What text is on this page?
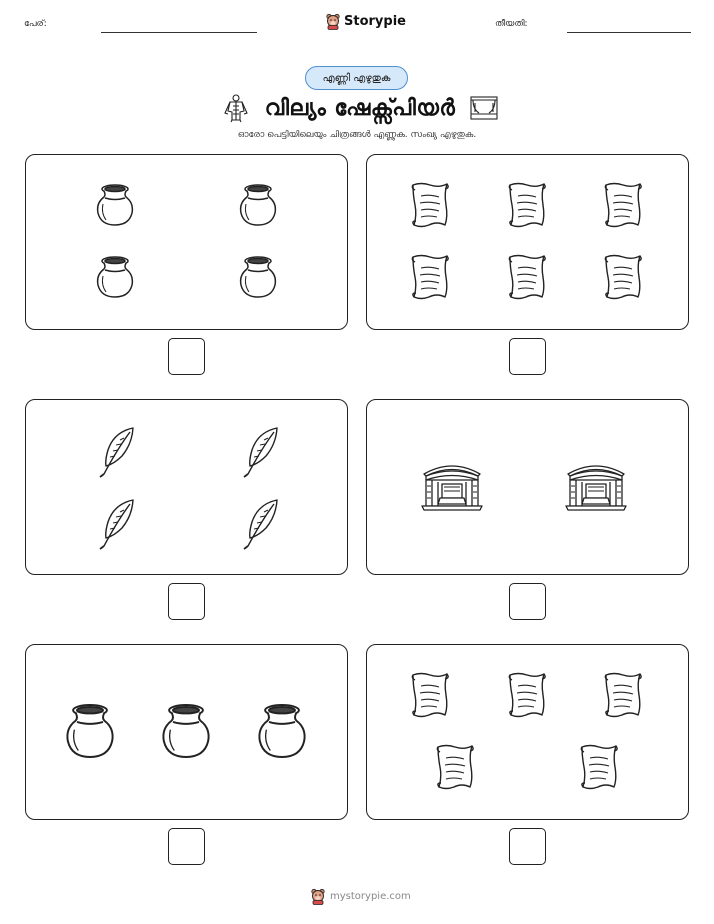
പേര്:	Storypie	തീയതി:
എണ്ണി എഴുതുക
വില്യം ഷേക്സ്പിയർ
ഓരോ പെട്ടിയിലെയും ചിത്രങ്ങൾ എണ്ണുക. സംഖ്യ എഴുതുക.
mystorypie.com
